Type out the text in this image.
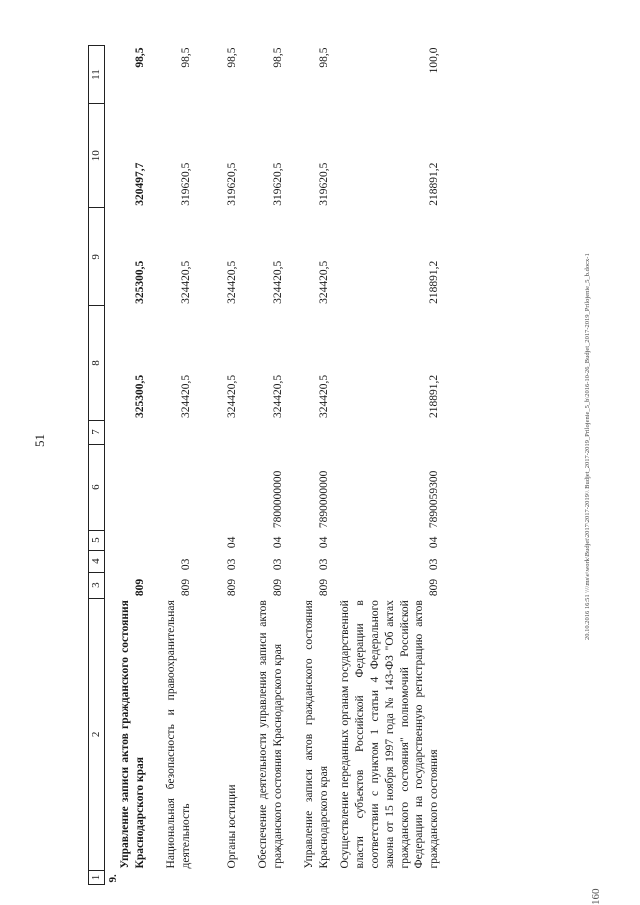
51	20.10.2016 16:51 \\\\ms\e\work\Budjet\2017\2017-2019\\ Budjet_2017-2019_Prilojenie_5_b\2016-10-26_Budjet_2017-2019_Prilojenie_5_b.docx-1
160
1	2	3	4	5	6	7	8	9	10	11
9.	Управление записи актов гражданского состояния Краснодарского края	809					325300,5	325300,5	320497,7	98,5
	Национальная безопасность и правоохранительная деятельность	809	03				324420,5	324420,5	319620,5	98,5
	Органы юстиции	809	03	04			324420,5	324420,5	319620,5	98,5
	Обеспечение деятельности управления записи актов гражданского состояния Краснодарского края	809	03	04	7800000000		324420,5	324420,5	319620,5	98,5
	Управление записи актов гражданского состояния Краснодарского края	809	03	04	7890000000		324420,5	324420,5	319620,5	98,5
	Осуществление переданных органам государственной власти субъектов Российской Федерации в соответствии с пунктом 1 статьи 4 Федерального закона от 15 ноября 1997 года № 143-ФЗ "Об актах гражданского состояния" полномочий Российской Федерации на государственную регистрацию актов гражданского состояния	809	03	04	7890059300		218891,2	218891,2	218891,2	100,0
